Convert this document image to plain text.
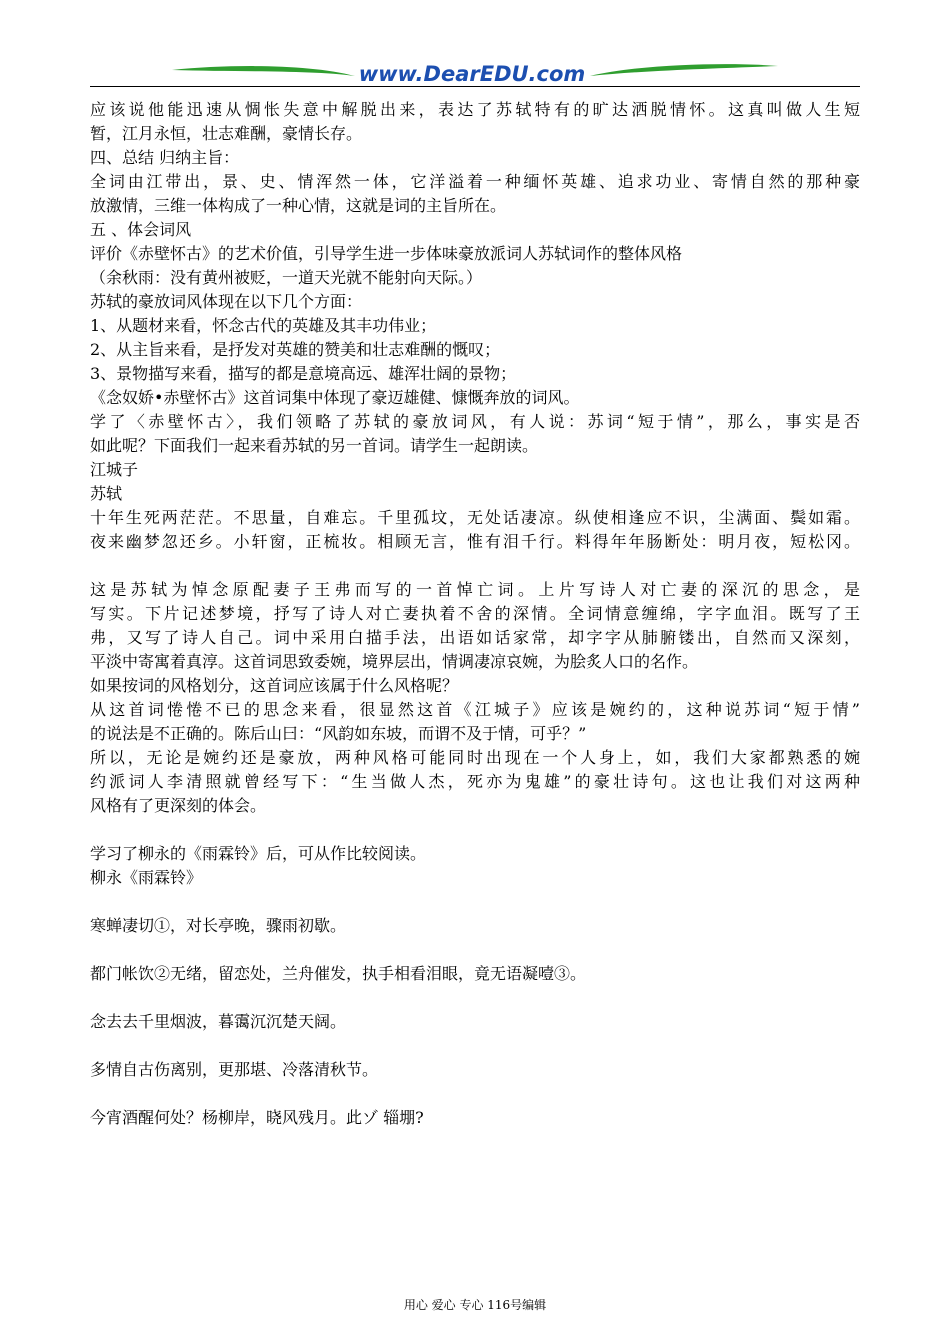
www.DearEDU.com
应该说他能迅速从惆怅失意中解脱出来，表达了苏轼特有的旷达洒脱情怀。这真叫做人生短
暂，江月永恒，壮志难酬，豪情长存。
四、总结 归纳主旨：
全词由江带出，景、史、情浑然一体，它洋溢着一种缅怀英雄、追求功业、寄情自然的那种豪
放激情，三维一体构成了一种心情，这就是词的主旨所在。
五 、体会词风
评价《赤壁怀古》的艺术价值，引导学生进一步体味豪放派词人苏轼词作的整体风格
（余秋雨：没有黄州被贬，一道天光就不能射向天际。）
苏轼的豪放词风体现在以下几个方面：
1、从题材来看，怀念古代的英雄及其丰功伟业；
2、从主旨来看，是抒发对英雄的赞美和壮志难酬的慨叹；
3、景物描写来看，描写的都是意境高远、雄浑壮阔的景物；
《念奴娇•赤壁怀古》这首词集中体现了豪迈雄健、慷慨奔放的词风。
学了〈赤壁怀古〉，我们领略了苏轼的豪放词风，有人说：苏词“短于情”，那么，事实是否
如此呢？下面我们一起来看苏轼的另一首词。请学生一起朗读。
江城子
苏轼
十年生死两茫茫。不思量，自难忘。千里孤坟，无处话凄凉。纵使相逢应不识，尘满面、鬓如霜。
夜来幽梦忽还乡。小轩窗，正梳妆。相顾无言，惟有泪千行。料得年年肠断处：明月夜，短松冈。
这是苏轼为悼念原配妻子王弗而写的一首悼亡词。上片写诗人对亡妻的深沉的思念，是
写实。下片记述梦境，抒写了诗人对亡妻执着不舍的深情。全词情意缠绵，字字血泪。既写了王
弗，又写了诗人自己。词中采用白描手法，出语如话家常，却字字从肺腑镂出，自然而又深刻，
平淡中寄寓着真淳。这首词思致委婉，境界层出，情调凄凉哀婉，为脍炙人口的名作。
如果按词的风格划分，这首词应该属于什么风格呢？
从这首词惓惓不已的思念来看，很显然这首《江城子》应该是婉约的，这种说苏词“短于情”
的说法是不正确的。陈后山曰：“风韵如东坡，而谓不及于情，可乎？”
所以，无论是婉约还是豪放，两种风格可能同时出现在一个人身上，如，我们大家都熟悉的婉
约派词人李清照就曾经写下：“生当做人杰，死亦为鬼雄”的豪壮诗句。这也让我们对这两种
风格有了更深刻的体会。
学习了柳永的《雨霖铃》后，可从作比较阅读。
柳永《雨霖铃》
寒蝉凄切①，对长亭晚，骤雨初歇。
都门帐饮②无绪，留恋处，兰舟催发，执手相看泪眼，竟无语凝噎③。
念去去千里烟波，暮霭沉沉楚天阔。
多情自古伤离别，更那堪、冷落清秋节。
今宵酒醒何处？杨柳岸，晓风残月。此ゾ 辎堋?
用心 爱心 专心 116号编辑
